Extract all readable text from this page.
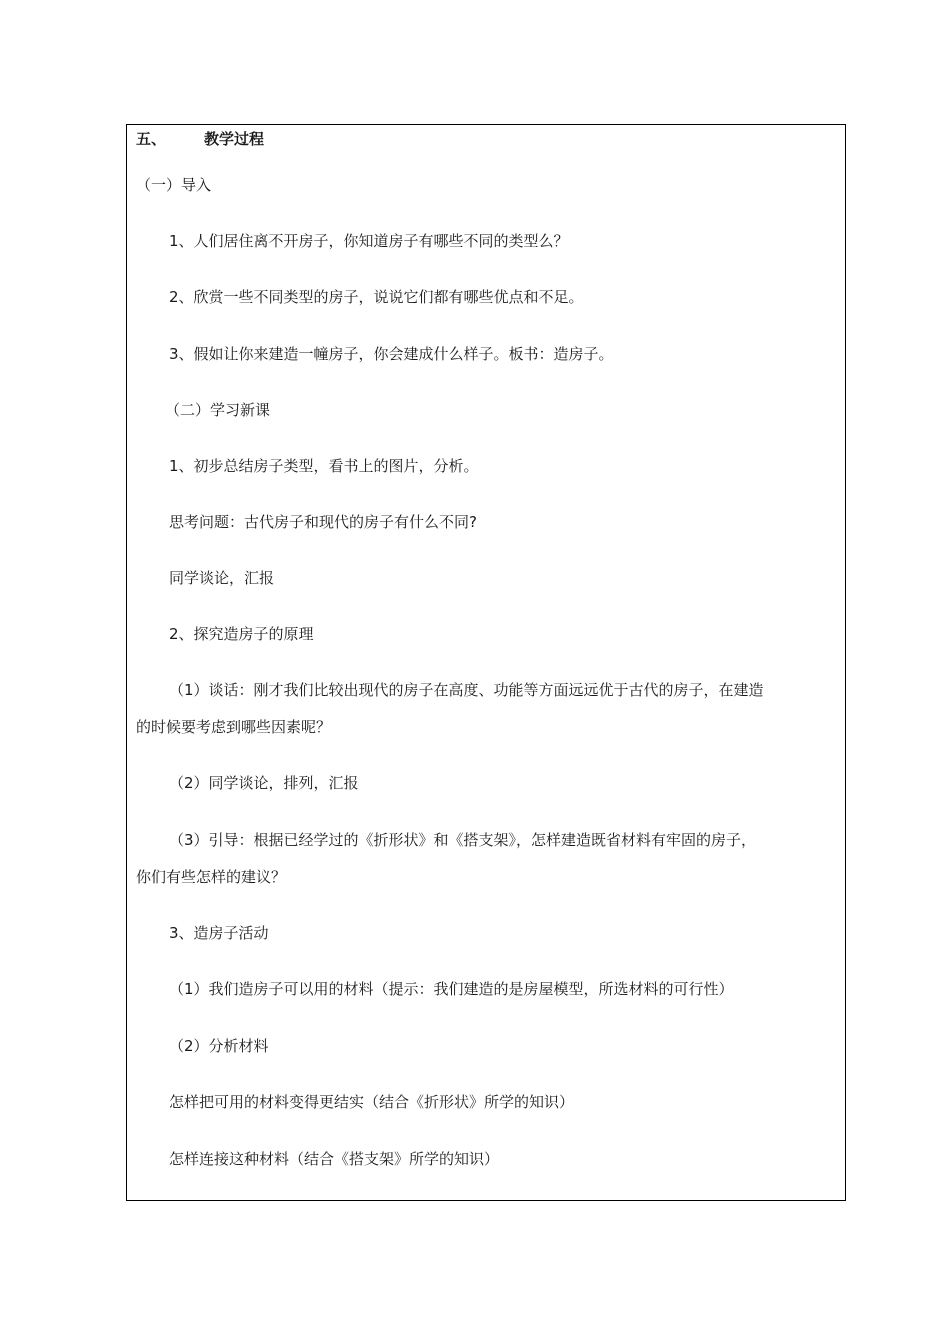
五、	教学过程
（一）导入
1、人们居住离不开房子，你知道房子有哪些不同的类型么？
2、欣赏一些不同类型的房子，说说它们都有哪些优点和不足。
3、假如让你来建造一幢房子，你会建成什么样子。板书：造房子。
（二）学习新课
1、初步总结房子类型，看书上的图片，分析。
思考问题：古代房子和现代的房子有什么不同?
同学谈论，汇报
2、探究造房子的原理
（1）谈话：刚才我们比较出现代的房子在高度、功能等方面远远优于古代的房子，在建造
的时候要考虑到哪些因素呢？
（2）同学谈论，排列，汇报
（3）引导：根据已经学过的《折形状》和《搭支架》，怎样建造既省材料有牢固的房子，
你们有些怎样的建议？
3、造房子活动
（1）我们造房子可以用的材料（提示：我们建造的是房屋模型，所选材料的可行性）
（2）分析材料
怎样把可用的材料变得更结实（结合《折形状》所学的知识）
怎样连接这种材料（结合《搭支架》所学的知识）
